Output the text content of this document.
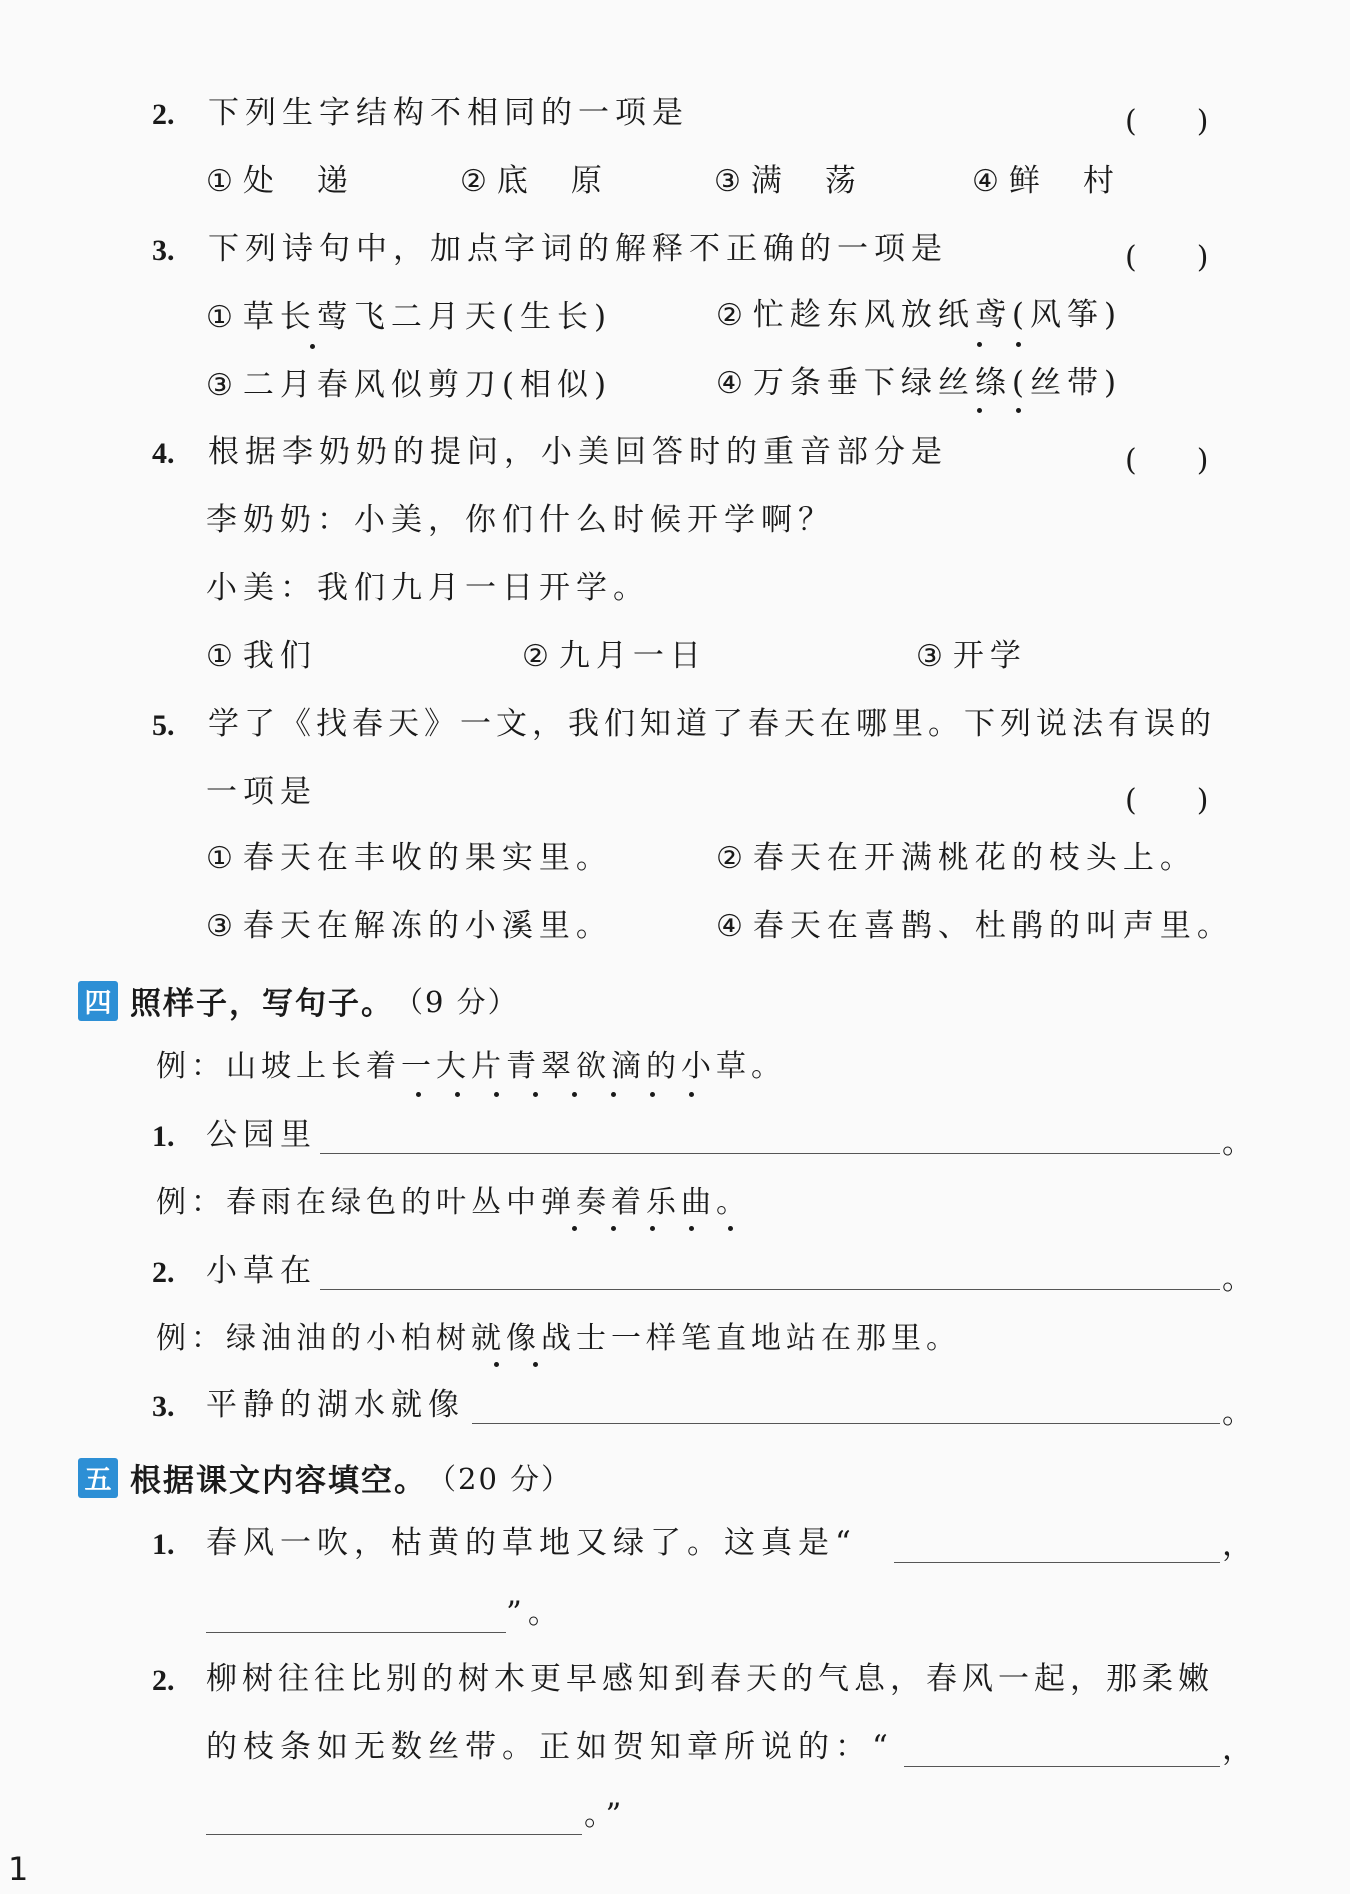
2. 下列生字结构不相同的一项是	(　　)
① 处　递	② 底　原	③ 满　荡	④ 鲜　村
3. 下列诗句中，加点字词的解释不正确的一项是	(　　)
① 草长莺飞二月天(生长)	② 忙趁东风放纸鸢(风筝)
③ 二月春风似剪刀(相似)	④ 万条垂下绿丝绦(丝带)
4. 根据李奶奶的提问，小美回答时的重音部分是	(　　)
李奶奶：小美，你们什么时候开学啊？
小美：我们九月一日开学。
① 我们	② 九月一日	③ 开学
5. 学了《找春天》一文，我们知道了春天在哪里。下列说法有误的
一项是	(　　)
① 春天在丰收的果实里。	② 春天在开满桃花的枝头上。
③ 春天在解冻的小溪里。	④ 春天在喜鹊、杜鹃的叫声里。
四 照样子，写句子。 （9 分）
例：山坡上长着一大片青翠欲滴的小草。
1. 公园里	。
例：春雨在绿色的叶丛中弹奏着乐曲。
2. 小草在	。
例：绿油油的小柏树就像战士一样笔直地站在那里。
3. 平静的湖水就像	。
五 根据课文内容填空。 （20 分）
1. 春风一吹，枯黄的草地又绿了。这真是“	，
”。
2. 柳树往往比别的树木更早感知到春天的气息，春风一起，那柔嫩
的枝条如无数丝带。正如贺知章所说的：“	，
。”
1
